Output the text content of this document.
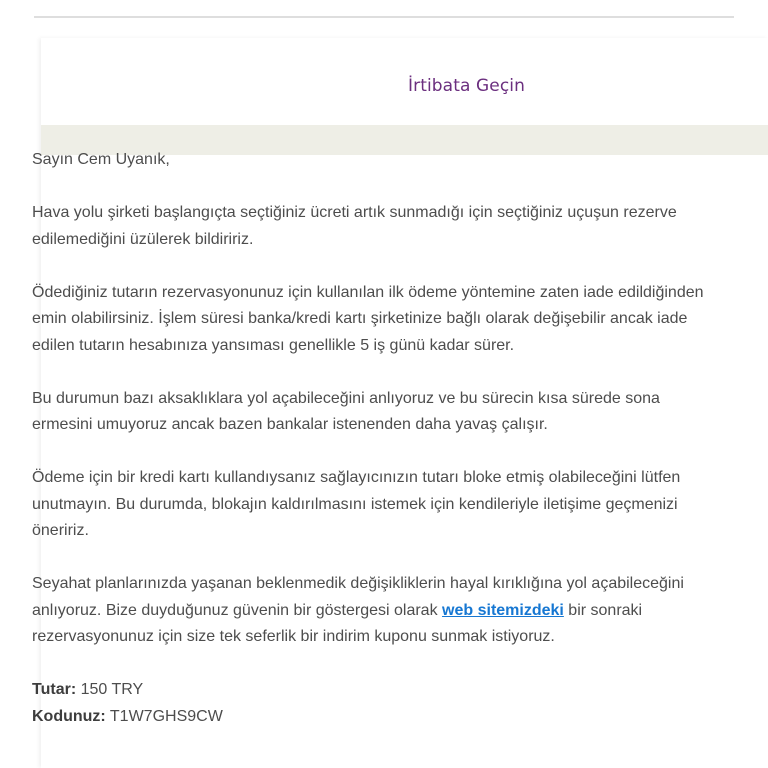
İrtibata Geçin

Sayın Cem Uyanık,

Hava yolu şirketi başlangıçta seçtiğiniz ücreti artık sunmadığı için seçtiğiniz uçuşun rezerve edilemediğini üzülerek bildiririz.

Ödediğiniz tutarın rezervasyonunuz için kullanılan ilk ödeme yöntemine zaten iade edildiğinden emin olabilirsiniz. İşlem süresi banka/kredi kartı şirketinize bağlı olarak değişebilir ancak iade edilen tutarın hesabınıza yansıması genellikle 5 iş günü kadar sürer.

Bu durumun bazı aksaklıklara yol açabileceğini anlıyoruz ve bu sürecin kısa sürede sona ermesini umuyoruz ancak bazen bankalar istenenden daha yavaş çalışır.

Ödeme için bir kredi kartı kullandıysanız sağlayıcınızın tutarı bloke etmiş olabileceğini lütfen unutmayın. Bu durumda, blokajın kaldırılmasını istemek için kendileriyle iletişime geçmenizi öneririz.

Seyahat planlarınızda yaşanan beklenmedik değişikliklerin hayal kırıklığına yol açabileceğini anlıyoruz. Bize duyduğunuz güvenin bir göstergesi olarak web sitemizdeki bir sonraki rezervasyonunuz için size tek seferlik bir indirim kuponu sunmak istiyoruz.

Tutar: 150 TRY
Kodunuz: T1W7GHS9CW
